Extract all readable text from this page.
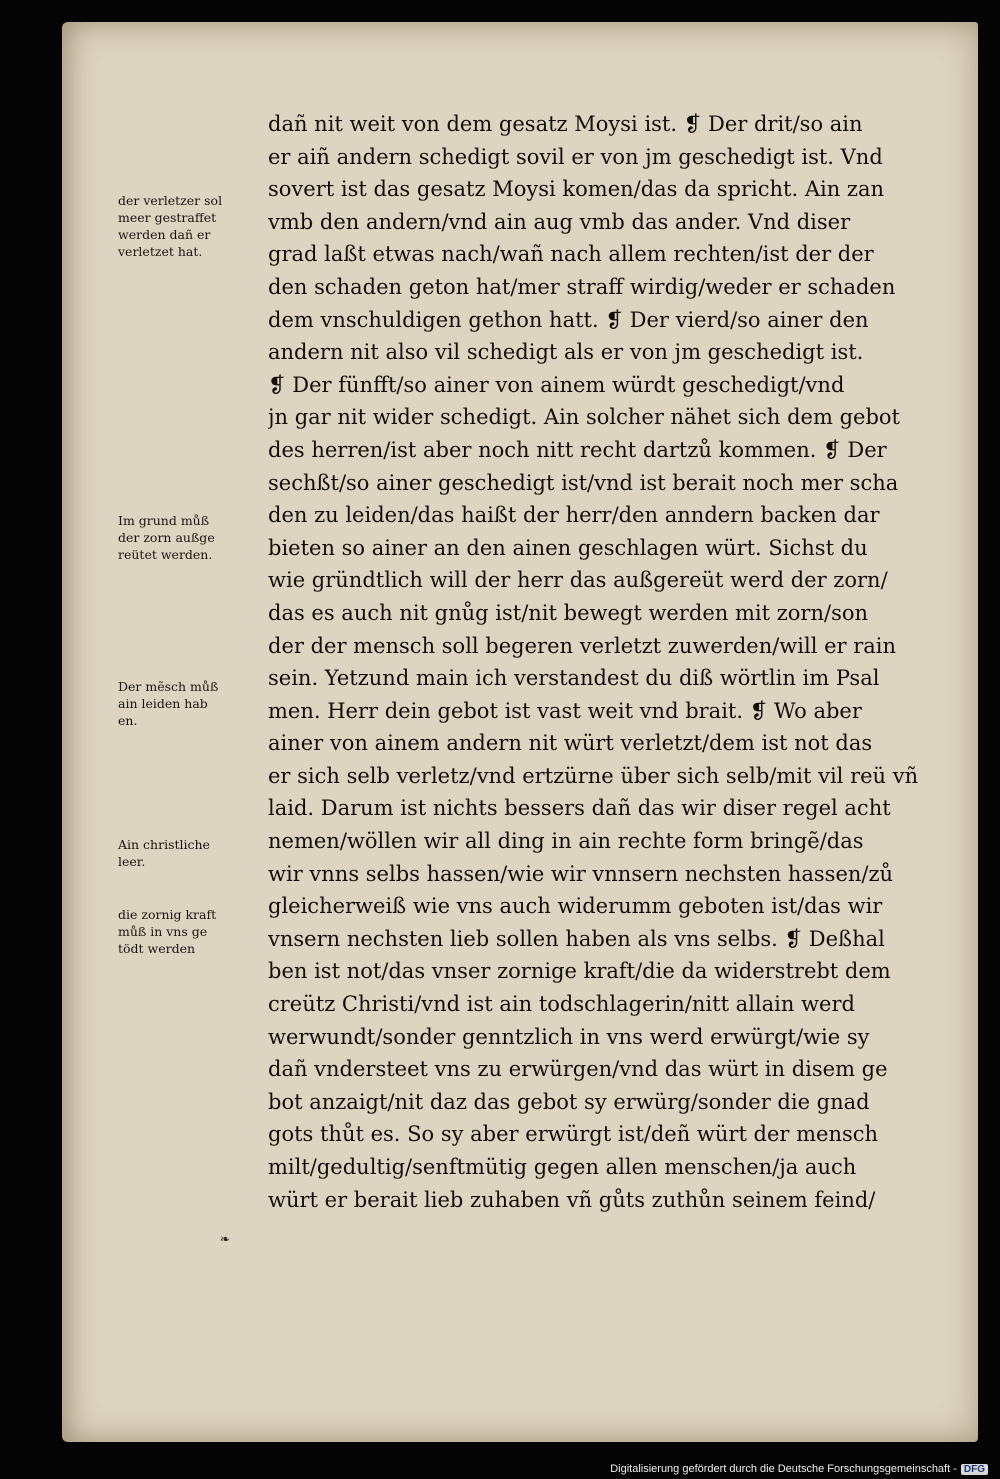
der verletzer sol
meer gestraffet
werden dañ er
verletzet hat.
Im grund můß
der zorn außge
reütet werden.
Der mẽsch můß
ain leiden hab
en.
Ain christliche
leer.
die zornig kraft
můß in vns ge
tödt werden
dañ nit weit von dem gesatz Moysi ist. ❡ Der drit/so ain
er aiñ andern schedigt sovil er von jm geschedigt ist. Vnd
sovert ist das gesatz Moysi komen/das da spricht. Ain zan
vmb den andern/vnd ain aug vmb das ander. Vnd diser
grad laßt etwas nach/wañ nach allem rechten/ist der der
den schaden geton hat/mer straff wirdig/weder er schaden
dem vnschuldigen gethon hatt. ❡ Der vierd/so ainer den
andern nit also vil schedigt als er von jm geschedigt ist.
❡ Der fünfft/so ainer von ainem würdt geschedigt/vnd
jn gar nit wider schedigt. Ain solcher nähet sich dem gebot
des herren/ist aber noch nitt recht dartzů kommen. ❡ Der
sechßt/so ainer geschedigt ist/vnd ist berait noch mer scha
den zu leiden/das haißt der herr/den anndern backen dar
bieten so ainer an den ainen geschlagen würt. Sichst du
wie gründtlich will der herr das außgereüt werd der zorn/
das es auch nit gnůg ist/nit bewegt werden mit zorn/son
der der mensch soll begeren verletzt zuwerden/will er rain
sein. Yetzund main ich verstandest du diß wörtlin im Psal
men. Herr dein gebot ist vast weit vnd brait. ❡ Wo aber
ainer von ainem andern nit würt verletzt/dem ist not das
er sich selb verletz/vnd ertzürne über sich selb/mit vil reü vñ
laid. Darum ist nichts bessers dañ das wir diser regel acht
nemen/wöllen wir all ding in ain rechte form bringẽ/das
wir vnns selbs hassen/wie wir vnnsern nechsten hassen/zů
gleicherweiß wie vns auch widerumm geboten ist/das wir
vnsern nechsten lieb sollen haben als vns selbs. ❡ Deßhal
ben ist not/das vnser zornige kraft/die da widerstrebt dem
creütz Christi/vnd ist ain todschlagerin/nitt allain werd
werwundt/sonder genntzlich in vns werd erwürgt/wie sy
dañ vndersteet vns zu erwürgen/vnd das würt in disem ge
bot anzaigt/nit daz das gebot sy erwürg/sonder die gnad
gots thůt es. So sy aber erwürgt ist/deñ würt der mensch
milt/gedultig/senftmütig gegen allen menschen/ja auch
würt er berait lieb zuhaben vñ gůts zuthůn seinem feind/
❧
Digitalisierung gefördert durch die Deutsche Forschungsgemeinschaft - DFG
